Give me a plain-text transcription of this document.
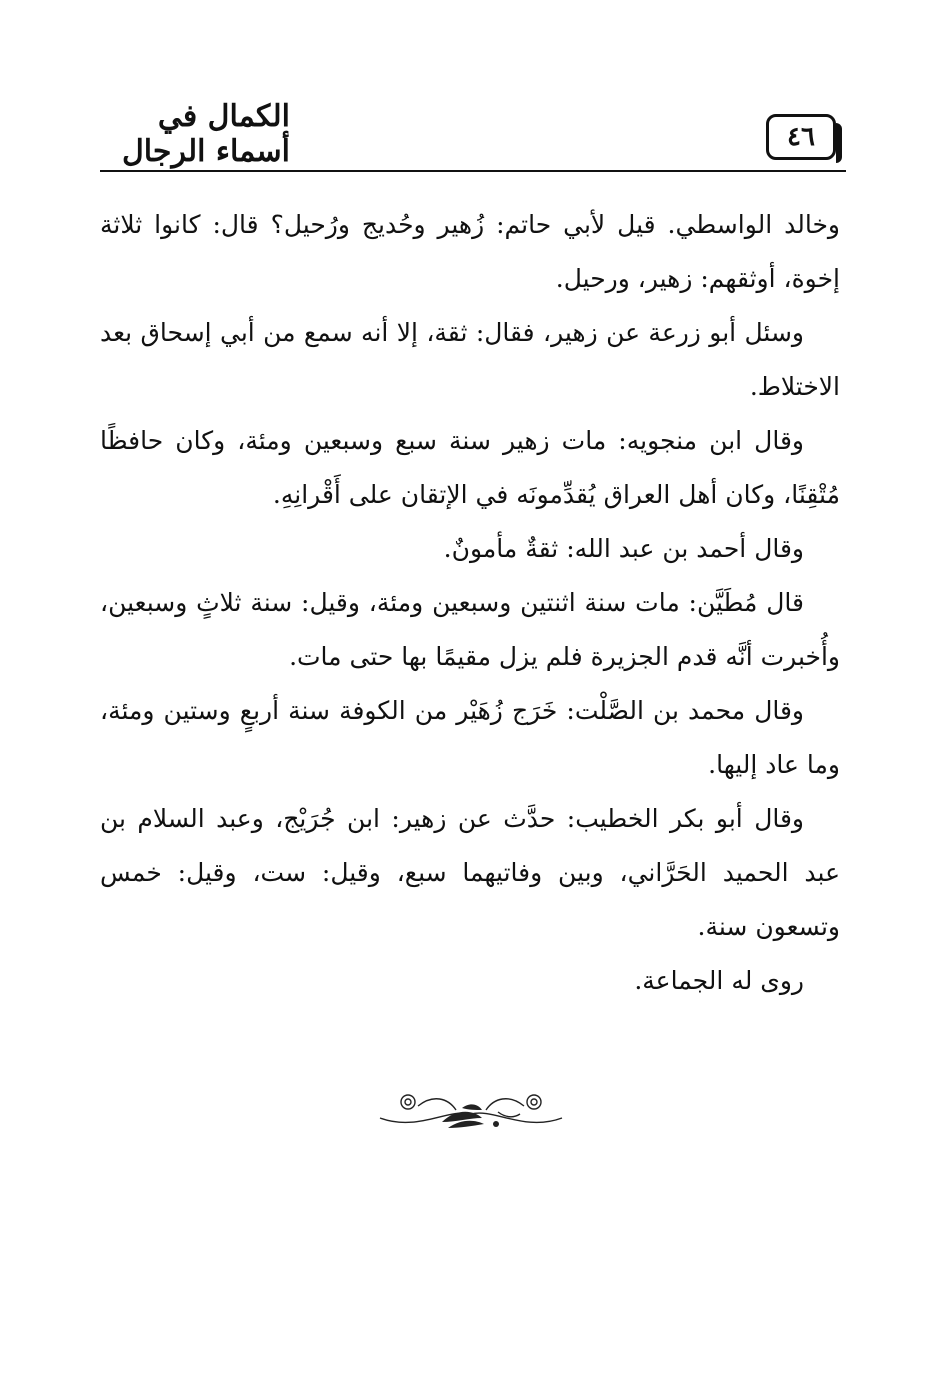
٤٦
الكمال في أسماء الرجال

وخالد الواسطي. قيل لأبي حاتم: زُهير وحُديج ورُحيل؟ قال: كانوا ثلاثة إخوة، أوثقهم: زهير، ورحيل.

وسئل أبو زرعة عن زهير، فقال: ثقة، إلا أنه سمع من أبي إسحاق بعد الاختلاط.

وقال ابن منجويه: مات زهير سنة سبع وسبعين ومئة، وكان حافظًا مُتْقِنًا، وكان أهل العراق يُقدِّمونَه في الإتقان على أَقْرانِهِ.

وقال أحمد بن عبد الله: ثقةٌ مأمونٌ.

قال مُطَيَّن: مات سنة اثنتين وسبعين ومئة، وقيل: سنة ثلاثٍ وسبعين، وأُخبرت أنَّه قدم الجزيرة فلم يزل مقيمًا بها حتى مات.

وقال محمد بن الصَّلْت: خَرَج زُهَيْر من الكوفة سنة أربعٍ وستين ومئة، وما عاد إليها.

وقال أبو بكر الخطيب: حدَّث عن زهير: ابن جُرَيْج، وعبد السلام بن عبد الحميد الحَرَّاني، وبين وفاتيهما سبع، وقيل: ست، وقيل: خمس وتسعون سنة.

روى له الجماعة.
